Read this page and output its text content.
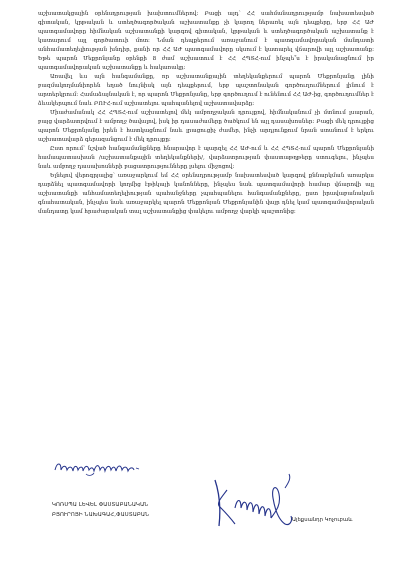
աշխատակցային օրենսդրության խախտումներով: Բացի այդ՝ ՀՀ սահմանադրությամբ նախատեսված գիտական, կրթական և ստեղծագործական աշխատանքը չի կարող ներառել այն դեպքերը, երբ ՀՀ ԱԺ պատգամավորը հիմնական աշխատանքի կարգով գիտական, կրթական և ստեղծագործական աշխատանք է կատարում այլ գործատուի մոտ: Նման դեպքերում առաջանում է պատգամավորական մանդատի անհամատեղելիության խնդիր, քանի որ ՀՀ ԱԺ պատգամավորը սկսում է կատարել վճարովի այլ աշխատանք: Եթե պարոն Մեքրոնյանը օրենքի 8 ժամ աշխատում է ՀՀ ՀՊՏՀ-ում ինչպե՞ս է իրականացնում իր պատգամավորական աշխատանքը և հակառակը:

Առավել ևս այն հանգամանքը, որ աշխատանքային տեղեկանքերում պարոն Մեքրոնյանը լինի բազմակողմանիորեն եղած նույնիսկ այն դեպքերում, երբ պաշտոնական գործուղումներում լինում է արտերկրում: Համաձայնական է, որ պարոն Մեքրոնյանը, երբ գործուղում է ունենում ՀՀ ԱԺ-ից, գործուղումներ է ձևակերպում նաև ԲՈՒՀ-ում աշխատելու պահպանելով աշխատավարձը:

Միաժամանակ ՀՀ ՀՊՏՀ-ում աշխատելով մեկ ամբողջական դրույքով, հիմնականում չի մտնում լսարան, բայց վարձատրվում է ամբողջ ծավալով, իսկ իր դասաժամերը ծածկում են այլ դասախոսներ: Բացի մեկ դրույքից պարոն Մեքրոնյանը իրեն է հատկացնում նաև լրացուցիչ ժամեր, ինչի արդյունքում նրան ստանում է երկու աշխատավարձ գերազանցում է մեկ դրույքը:

Ըստ որում՝ նշված հանգամանքները հնարավոր է պարզել ՀՀ ԱԺ-ում և ՀՀ ՀՊՏՀ-ում պարոն Մեքրոնյանի համապատասխան /աշխատանքային տեղեկանքների/, վարձատրության փաստաթղթերը ստուգելու, ինչպես նաև ամբողջ դասախոսների բացատրությունները լսելու միջոցով:

Ելնելով վերոգրյալից՝ առաջարկում եմ ՀՀ օրենսդրությամբ նախատեսված կարգով քննարկման առարկա դարձնել պատգամավորի կողմից էթիկայի կանոնները, ինչպես նաև պատգամավորի համար վճարովի այլ աշխատանքի անհամատեղելիության պահանջները չպահպանելու հանգամանքները, ըստ իրավաբանական գնահատական, ինչպես նաև առաջարկել պարոն Մեքրոնյան Մեքրոնյանին վայր դնել կամ պատգամավորական մանդատը կամ հրաժարական տալ աշխատանքից փակելու ամբողջ վարկի պաշտոնից:

ԿՈՌՍՊԱ ԼԵՎԵԼ ՓԱՍՏԱԲԱՆԱԿԱՆ
ԲՅՈՒՐՈՅԻ ՆԱԽԱԳԱՀ,ՓԱՍՏԱԲԱՆ
Ալեքսանդր Կոչուբաև
